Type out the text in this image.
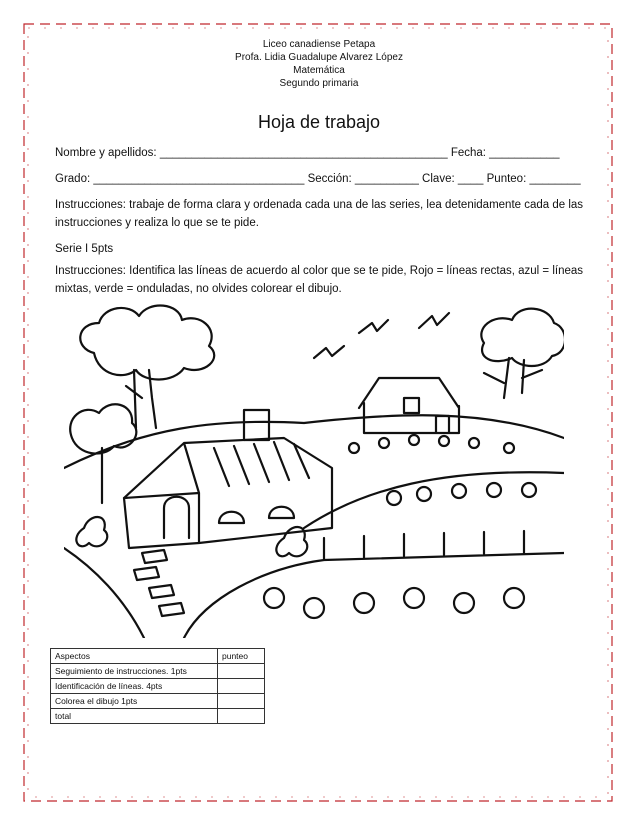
Liceo canadiense Petapa
Profa. Lidia Guadalupe Alvarez López
Matemática
Segundo primaria
Hoja de trabajo
Nombre y apellidos: _____________________________________________ Fecha: ___________
Grado: _________________________________ Sección: __________ Clave: ____ Punteo: ________
Instrucciones: trabaje de forma clara y ordenada cada una de las series, lea detenidamente cada de las instrucciones y realiza lo que se te pide.
Serie I 5pts
Instrucciones: Identifica las líneas de acuerdo al color que se te pide, Rojo = líneas rectas, azul = líneas mixtas, verde = onduladas, no olvides colorear el dibujo.
Aspectos	punteo
Seguimiento de instrucciones. 1pts	
Identificación de líneas. 4pts	
Colorea el dibujo 1pts	
total	
